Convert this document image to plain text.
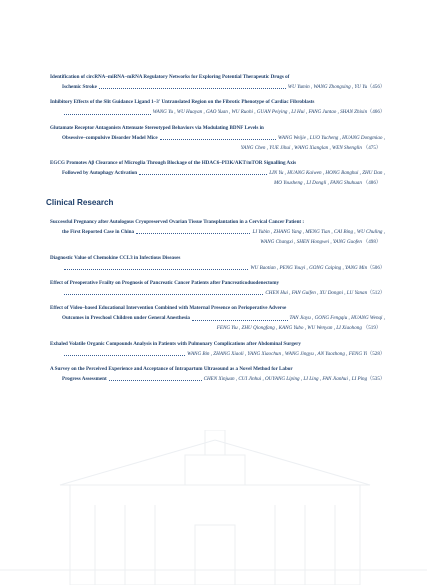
Identification of circRNA–miRNA–mRNA Regulatory Networks for Exploring Potential Therapeutic Drugs of
Ischemic Stroke	WU Yumin , WANG Zhongxing , YU Yu （456）
Inhibitory Effects of the Slit Guidance Ligand 1–3' Untranslated Region on the Fibrotic Phenotype of Cardiac Fibroblasts
WANG Yu , WU Huayan , GAO Yuan , WU Ruohi , GUAN Peiying , LI Hui , FANG Juntao , SHAN Zhixin （466）
Glutamate Receptor Antagonists Attenuate Stereotyped Behaviors via Modulating BDNF Levels in
Obsessive–compulsive Disorder Model Mice	WANG Weijie , LUO Yucheng , HUANG Dongmiao ,
YANG Chen , YUE Jihui , WANG Xianglan , WEN Shenglin （475）
EGCG Promotes Aβ Clearance of Microglia Through Blockage of the HDAC6–PI3K/AKT/mTOR Signalling Axis
Followed by Autophagy Activation	LIN Yu , HUANG Kaiwen , HONG Banghui , ZHU Dan ,
MO Yousheng , LI Dongli , FANG Shuhuan （486）
Clinical Research
Successful Pregnancy after Autologous Cryopreserved Ovarian Tissue Transplantation in a Cervical Cancer Patient :
the First Reported Case in China	LI Yubin , ZHANG Yang , MENG Tian , CAI Bing , WU Chuling ,
WANG Changxi , SHEN Hongwei , YANG Guofen （498）
Diagnostic Value of Chemokine CCL3 in Infectious Diseases
WU Baotian , PENG Youyi , GONG Caiping , YANG Min （506）
Effect of Preoperative Frailty on Prognosis of Pancreatic Cancer Patients after Pancreaticoduodenectomy
CHEN Hui , FAN Guifen , XU Dongni , LU Yanan （512）
Effect of Video–based Educational Intervention Combined with Maternal Presence on Perioperative Adverse
Outcomes in Preschool Children under General Anesthesia	TAN Jiayu , GONG Fengqiu , HUANG Wenqi ,
FENG Yiu , ZHU Qiongfang , KANG Yubo , WU Wenyan , LI Xiaohong （519）
Exhaled Volatile Organic Compounds Analysis in Patients with Pulmonary Complications after Abdominal Surgery
WANG Bin , ZHANG Xiaoli , YANG Xiaochun , WANG Jingyu , AN Yaozhong , FENG Yi （528）
A Survey on the Perceived Experience and Acceptance of Intrapartum Ultrasound as a Novel Method for Labor
Progress Assessment	CHEN Xinjuan , CUI Jinhui , OUYANG Liping , LI Ling , FAN Jianhui , LI Ping （535）
